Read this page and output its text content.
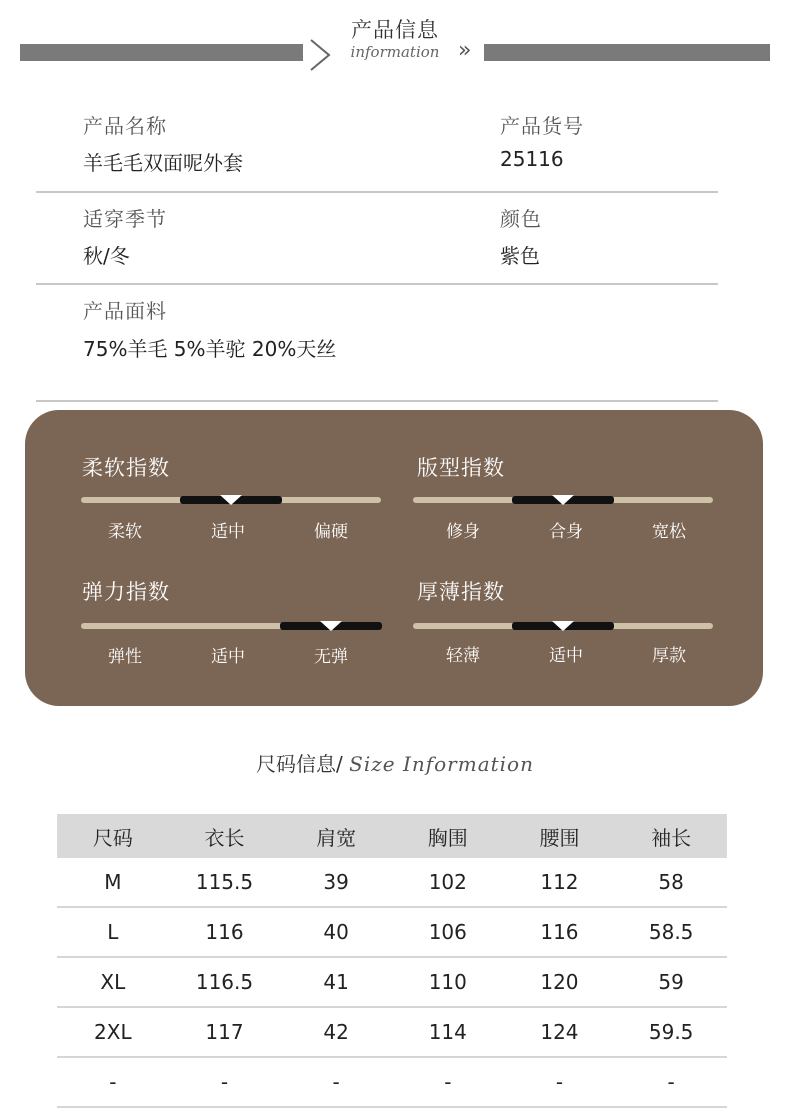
产品信息
information »
产品名称
羊毛毛双面呢外套
产品货号
25116
适穿季节
秋/冬
颜色
紫色
产品面料
75%羊毛 5%羊驼 20%天丝
柔软指数
柔软	适中	偏硬
版型指数
修身	合身	宽松
弹力指数
弹性	适中	无弹
厚薄指数
轻薄	适中	厚款
尺码信息/ Size Information
尺码	衣长	肩宽	胸围	腰围	袖长
M	115.5	39	102	112	58
L	116	40	106	116	58.5
XL	116.5	41	110	120	59
2XL	117	42	114	124	59.5
-	-	-	-	-	-
